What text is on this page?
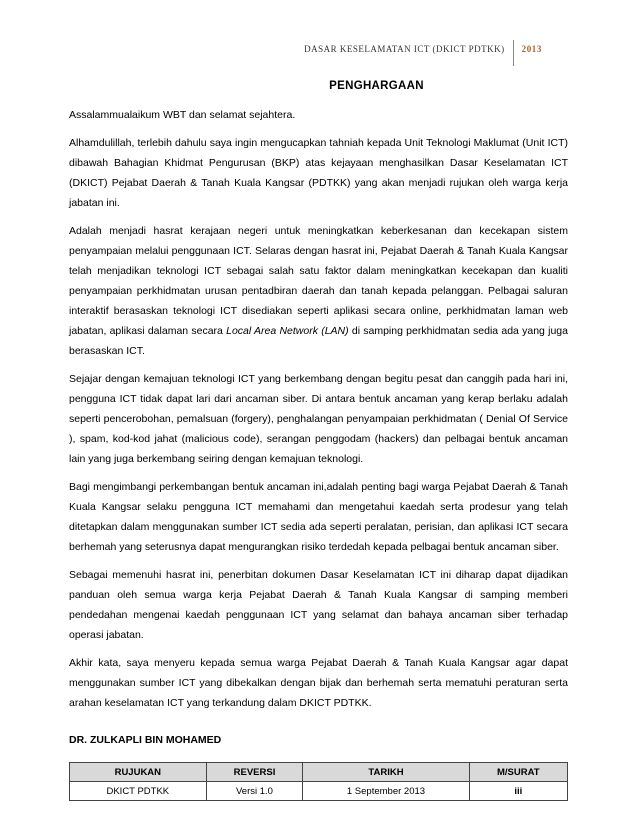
DASAR KESELAMATAN ICT (DKICT PDTKK)	2013
PENGHARGAAN

Assalammualaikum WBT dan selamat sejahtera.

Alhamdulillah, terlebih dahulu saya ingin mengucapkan tahniah kepada Unit Teknologi Maklumat (Unit ICT) dibawah Bahagian Khidmat Pengurusan (BKP) atas kejayaan menghasilkan Dasar Keselamatan ICT (DKICT) Pejabat Daerah & Tanah Kuala Kangsar (PDTKK) yang akan menjadi rujukan oleh warga kerja jabatan ini.

Adalah menjadi hasrat kerajaan negeri untuk meningkatkan keberkesanan dan kecekapan sistem penyampaian melalui penggunaan ICT. Selaras dengan hasrat ini, Pejabat Daerah & Tanah Kuala Kangsar telah menjadikan teknologi ICT sebagai salah satu faktor dalam meningkatkan kecekapan dan kualiti penyampaian perkhidmatan urusan pentadbiran daerah dan tanah kepada pelanggan. Pelbagai saluran interaktif berasaskan teknologi ICT disediakan seperti aplikasi secara online, perkhidmatan laman web jabatan, aplikasi dalaman secara Local Area Network (LAN) di samping perkhidmatan sedia ada yang juga berasaskan ICT.

Sejajar dengan kemajuan teknologi ICT yang berkembang dengan begitu pesat dan canggih pada hari ini, pengguna ICT tidak dapat lari dari ancaman siber. Di antara bentuk ancaman yang kerap berlaku adalah seperti pencerobohan, pemalsuan (forgery), penghalangan penyampaian perkhidmatan ( Denial Of Service ), spam, kod-kod jahat (malicious code), serangan penggodam (hackers) dan pelbagai bentuk ancaman lain yang juga berkembang seiring dengan kemajuan teknologi.

Bagi mengimbangi perkembangan bentuk ancaman ini,adalah penting bagi warga Pejabat Daerah & Tanah Kuala Kangsar selaku pengguna ICT memahami dan mengetahui kaedah serta prodesur yang telah ditetapkan dalam menggunakan sumber ICT sedia ada seperti peralatan, perisian, dan aplikasi ICT secara berhemah yang seterusnya dapat mengurangkan risiko terdedah kepada pelbagai bentuk ancaman siber.

Sebagai memenuhi hasrat ini, penerbitan dokumen Dasar Keselamatan ICT ini diharap dapat dijadikan panduan oleh semua warga kerja Pejabat Daerah & Tanah Kuala Kangsar di samping memberi pendedahan mengenai kaedah penggunaan ICT yang selamat dan bahaya ancaman siber terhadap operasi jabatan.

Akhir kata, saya menyeru kepada semua warga Pejabat Daerah & Tanah Kuala Kangsar agar dapat menggunakan sumber ICT yang dibekalkan dengan bijak dan berhemah serta mematuhi peraturan serta arahan keselamatan ICT yang terkandung dalam DKICT PDTKK.

DR. ZULKAPLI BIN MOHAMED
RUJUKAN	REVERSI	TARIKH	M/SURAT
DKICT PDTKK	Versi 1.0	1 September 2013	iii
